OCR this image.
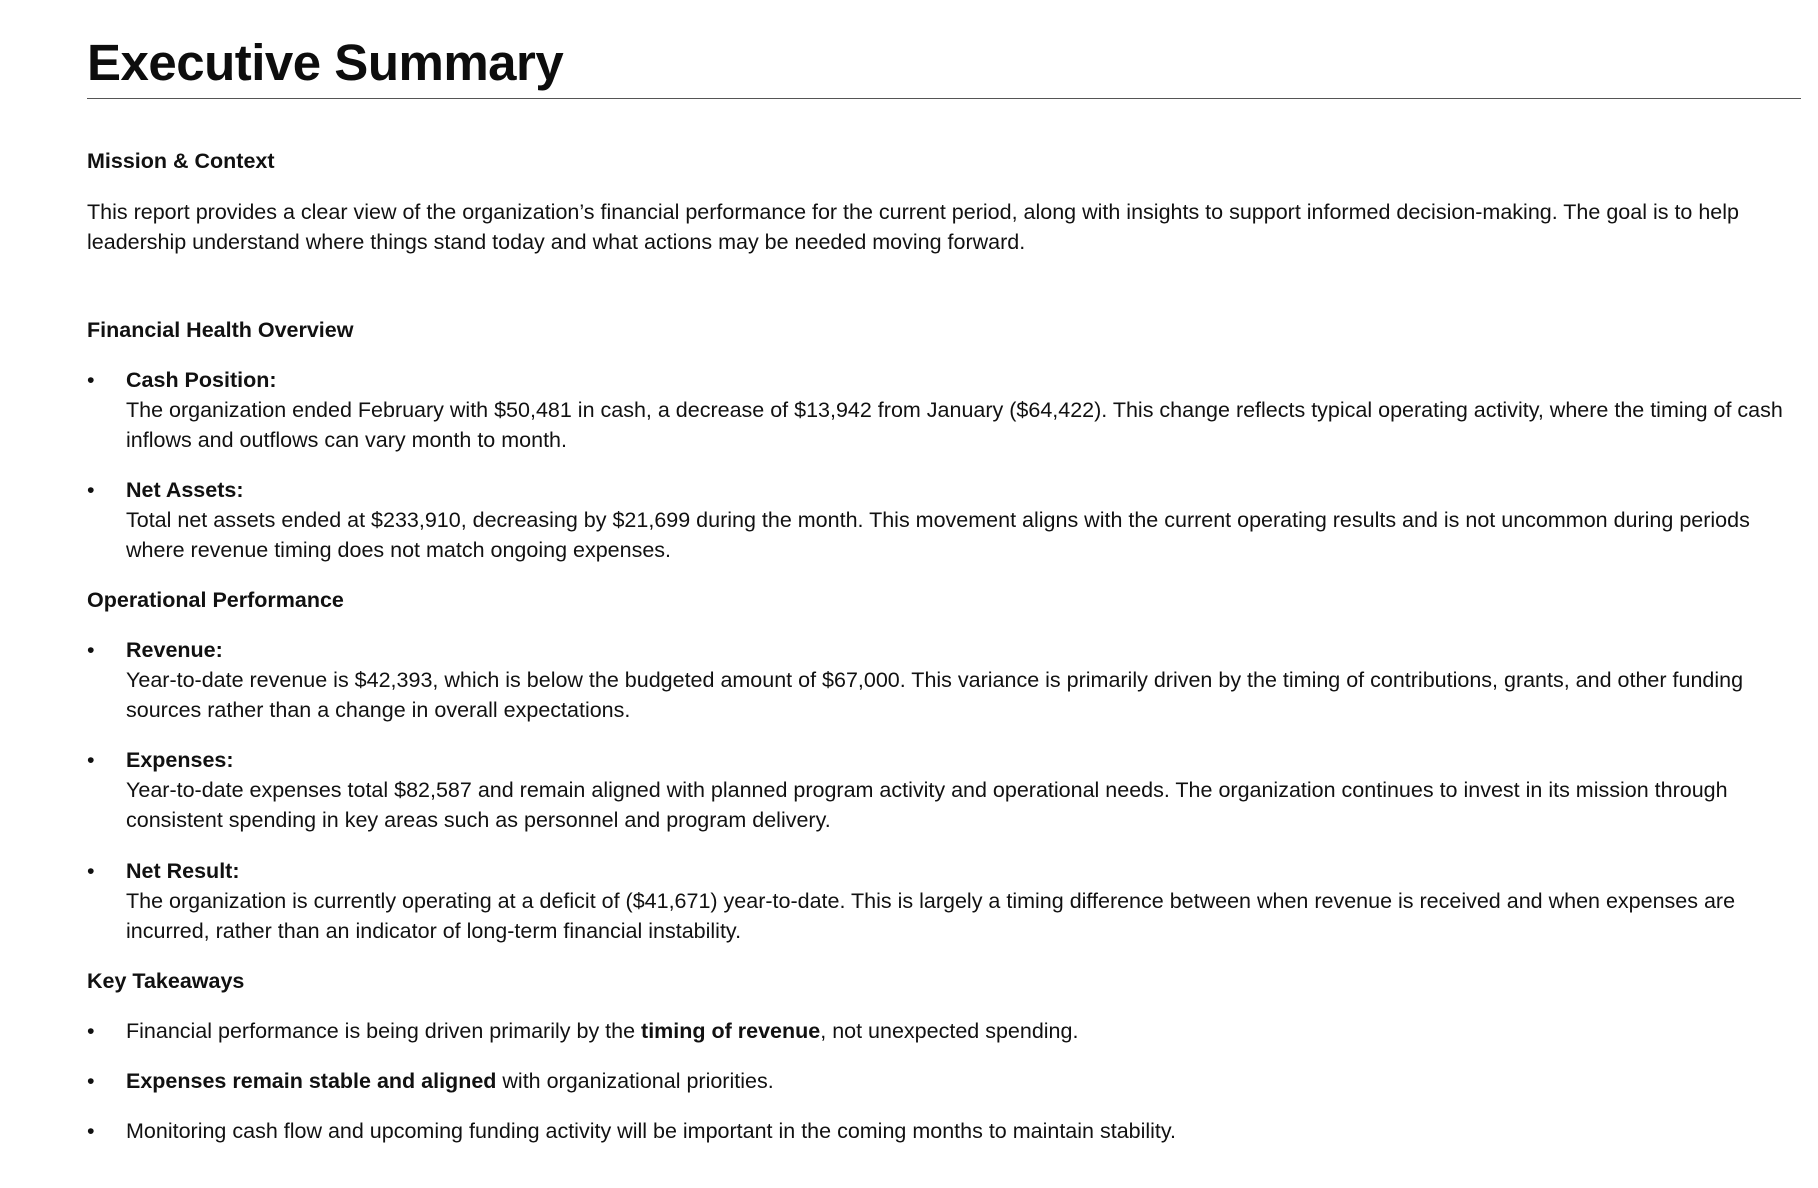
Executive Summary
Mission & Context
This report provides a clear view of the organization’s financial performance for the current period, along with insights to support informed decision-making. The goal is to help leadership understand where things stand today and what actions may be needed moving forward.
Financial Health Overview
•	Cash Position:
The organization ended February with $50,481 in cash, a decrease of $13,942 from January ($64,422). This change reflects typical operating activity, where the timing of cash inflows and outflows can vary month to month.
•	Net Assets:
Total net assets ended at $233,910, decreasing by $21,699 during the month. This movement aligns with the current operating results and is not uncommon during periods where revenue timing does not match ongoing expenses.
Operational Performance
•	Revenue:
Year-to-date revenue is $42,393, which is below the budgeted amount of $67,000. This variance is primarily driven by the timing of contributions, grants, and other funding sources rather than a change in overall expectations.
•	Expenses:
Year-to-date expenses total $82,587 and remain aligned with planned program activity and operational needs. The organization continues to invest in its mission through consistent spending in key areas such as personnel and program delivery.
•	Net Result:
The organization is currently operating at a deficit of ($41,671) year-to-date. This is largely a timing difference between when revenue is received and when expenses are incurred, rather than an indicator of long-term financial instability.
Key Takeaways
•	Financial performance is being driven primarily by the timing of revenue, not unexpected spending.
•	Expenses remain stable and aligned with organizational priorities.
•	Monitoring cash flow and upcoming funding activity will be important in the coming months to maintain stability.
